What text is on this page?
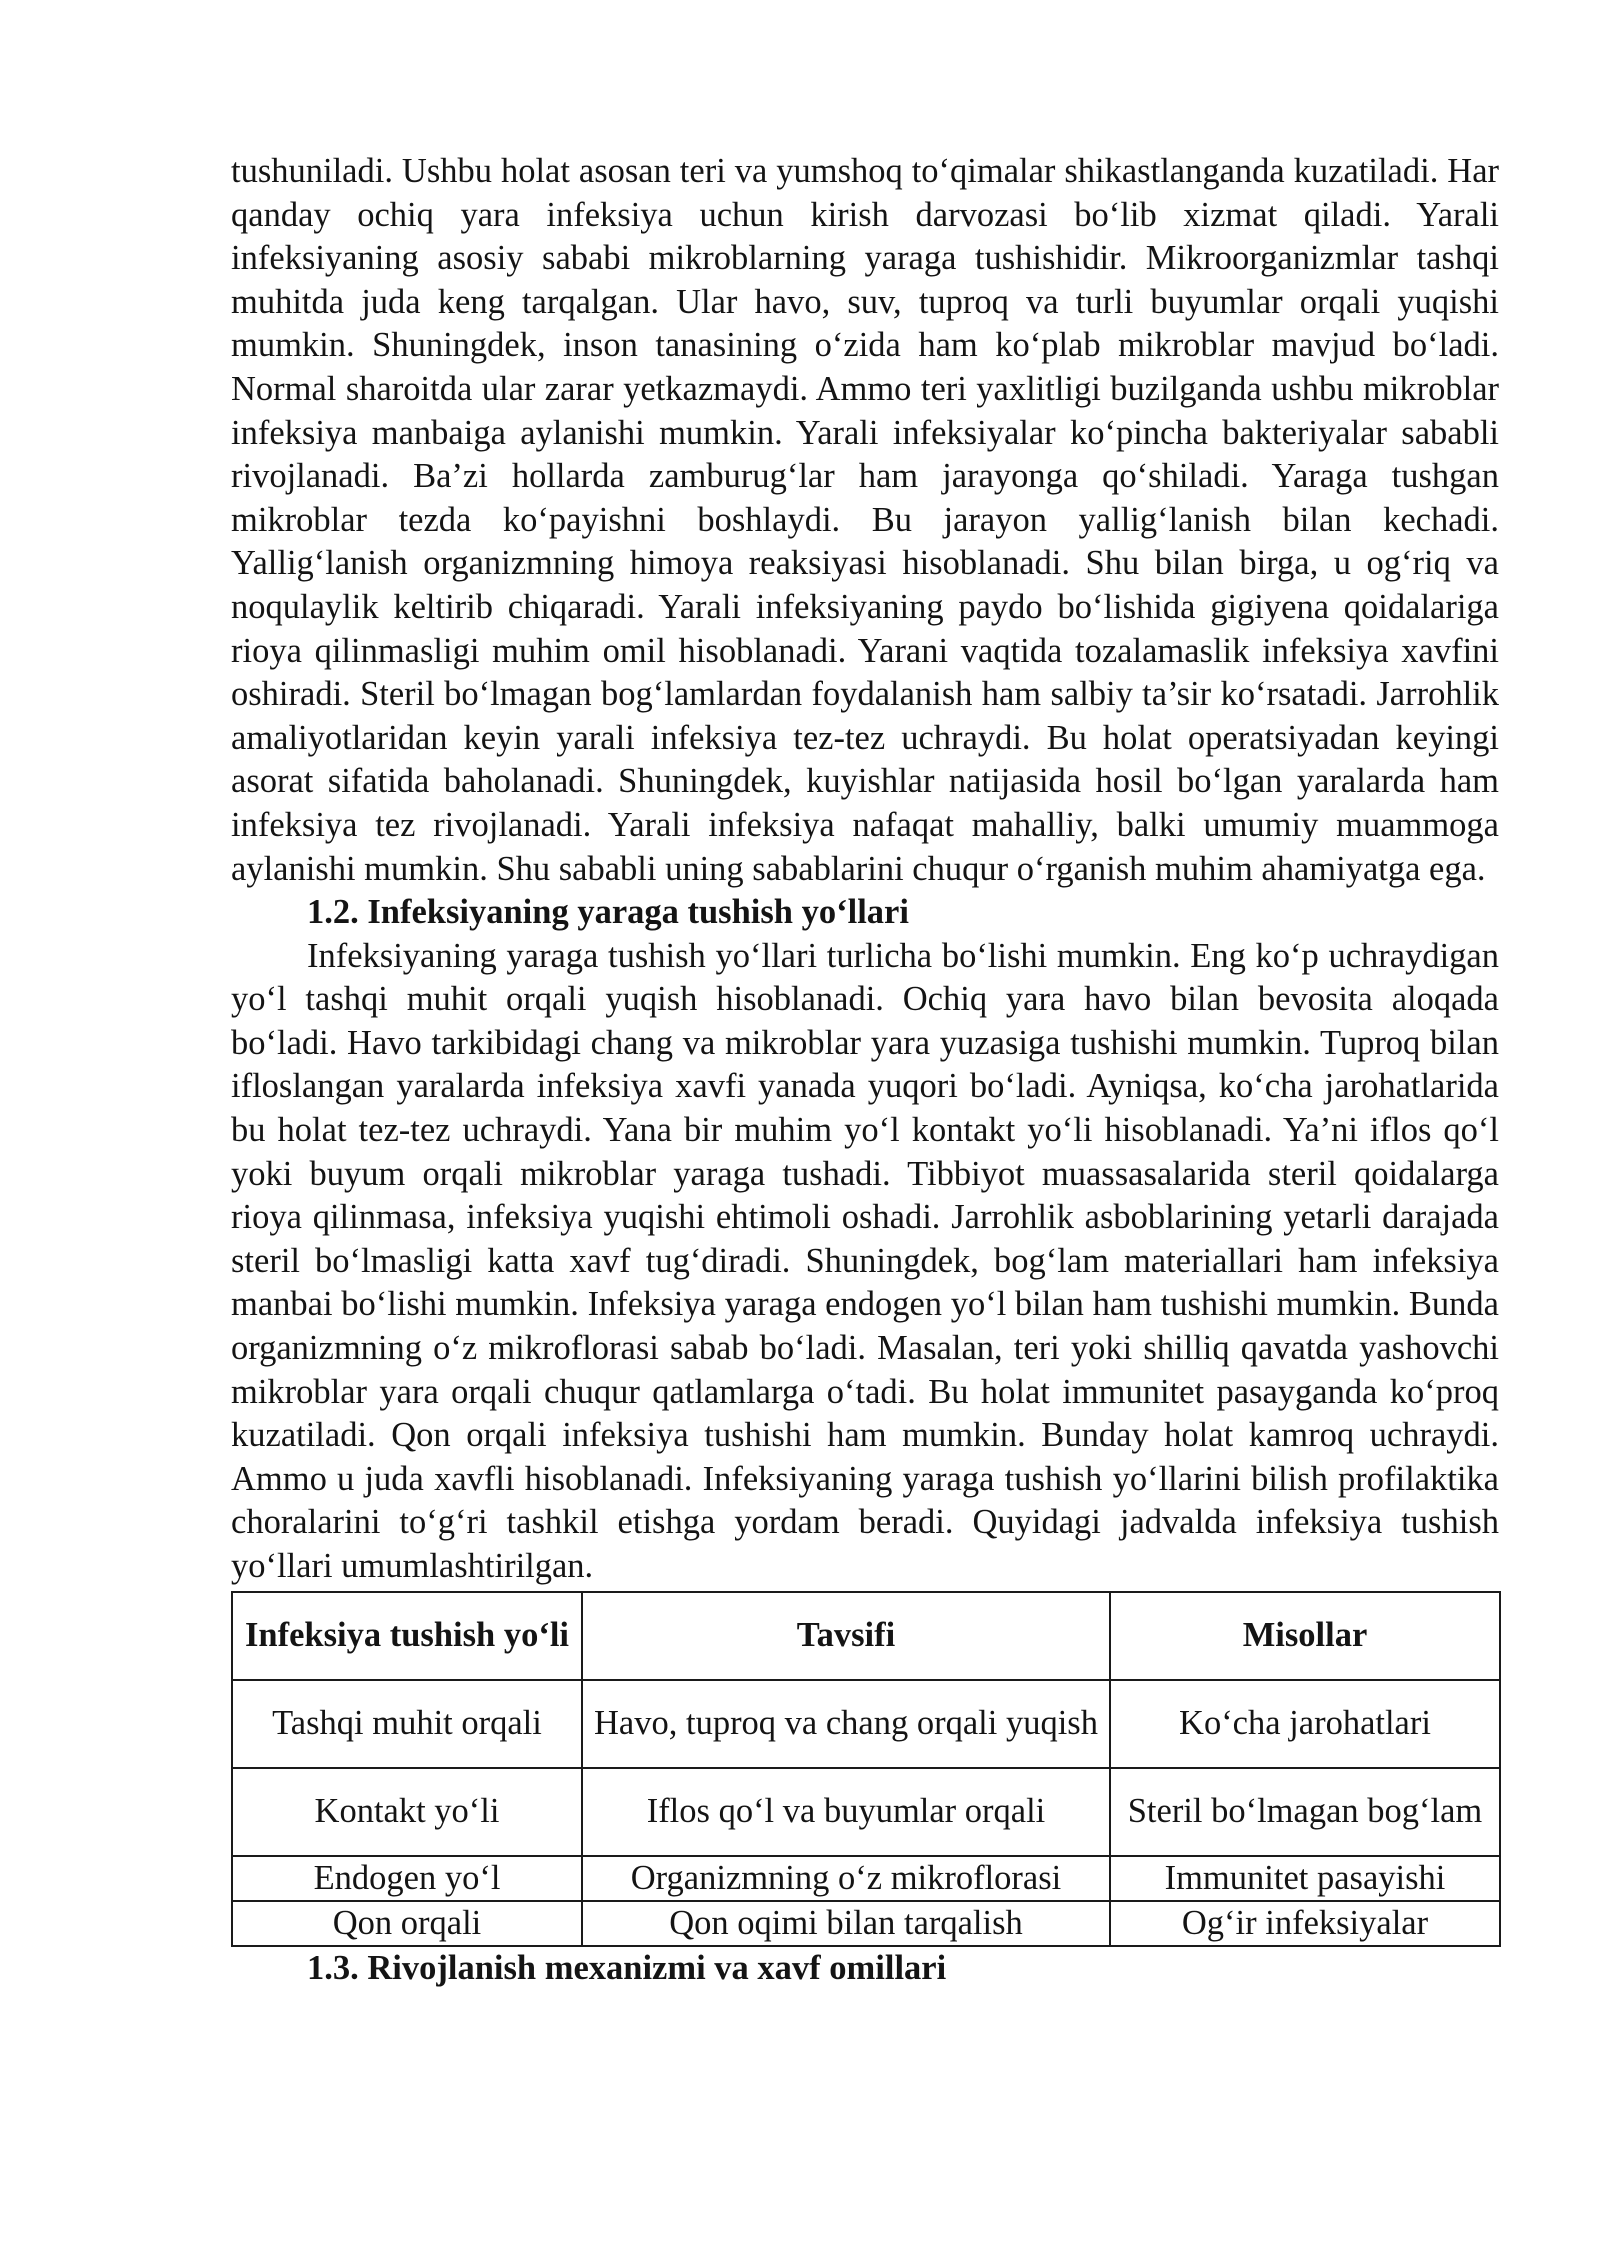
tushuniladi. Ushbu holat asosan teri va yumshoq to‘qimalar shikastlanganda kuzatiladi. Har qanday ochiq yara infeksiya uchun kirish darvozasi bo‘lib xizmat qiladi. Yarali infeksiyaning asosiy sababi mikroblarning yaraga tushishidir. Mikroorganizmlar tashqi muhitda juda keng tarqalgan. Ular havo, suv, tuproq va turli buyumlar orqali yuqishi mumkin. Shuningdek, inson tanasining o‘zida ham ko‘plab mikroblar mavjud bo‘ladi. Normal sharoitda ular zarar yetkazmaydi. Ammo teri yaxlitligi buzilganda ushbu mikroblar infeksiya manbaiga aylanishi mumkin. Yarali infeksiyalar ko‘pincha bakteriyalar sababli rivojlanadi. Ba’zi hollarda zamburug‘lar ham jarayonga qo‘shiladi. Yaraga tushgan mikroblar tezda ko‘payishni boshlaydi. Bu jarayon yallig‘lanish bilan kechadi. Yallig‘lanish organizmning himoya reaksiyasi hisoblanadi. Shu bilan birga, u og‘riq va noqulaylik keltirib chiqaradi. Yarali infeksiyaning paydo bo‘lishida gigiyena qoidalariga rioya qilinmasligi muhim omil hisoblanadi. Yarani vaqtida tozalamaslik infeksiya xavfini oshiradi. Steril bo‘lmagan bog‘lamlardan foydalanish ham salbiy ta’sir ko‘rsatadi. Jarrohlik amaliyotlaridan keyin yarali infeksiya tez-tez uchraydi. Bu holat operatsiyadan keyingi asorat sifatida baholanadi. Shuningdek, kuyishlar natijasida hosil bo‘lgan yaralarda ham infeksiya tez rivojlanadi. Yarali infeksiya nafaqat mahalliy, balki umumiy muammoga aylanishi mumkin. Shu sababli uning sabablarini chuqur o‘rganish muhim ahamiyatga ega.

1.2. Infeksiyaning yaraga tushish yo‘llari

Infeksiyaning yaraga tushish yo‘llari turlicha bo‘lishi mumkin. Eng ko‘p uchraydigan yo‘l tashqi muhit orqali yuqish hisoblanadi. Ochiq yara havo bilan bevosita aloqada bo‘ladi. Havo tarkibidagi chang va mikroblar yara yuzasiga tushishi mumkin. Tuproq bilan ifloslangan yaralarda infeksiya xavfi yanada yuqori bo‘ladi. Ayniqsa, ko‘cha jarohatlarida bu holat tez-tez uchraydi. Yana bir muhim yo‘l kontakt yo‘li hisoblanadi. Ya’ni iflos qo‘l yoki buyum orqali mikroblar yaraga tushadi. Tibbiyot muassasalarida steril qoidalarga rioya qilinmasa, infeksiya yuqishi ehtimoli oshadi. Jarrohlik asboblarining yetarli darajada steril bo‘lmasligi katta xavf tug‘diradi. Shuningdek, bog‘lam materiallari ham infeksiya manbai bo‘lishi mumkin. Infeksiya yaraga endogen yo‘l bilan ham tushishi mumkin. Bunda organizmning o‘z mikroflorasi sabab bo‘ladi. Masalan, teri yoki shilliq qavatda yashovchi mikroblar yara orqali chuqur qatlamlarga o‘tadi. Bu holat immunitet pasayganda ko‘proq kuzatiladi. Qon orqali infeksiya tushishi ham mumkin. Bunday holat kamroq uchraydi. Ammo u juda xavfli hisoblanadi. Infeksiyaning yaraga tushish yo‘llarini bilish profilaktika choralarini to‘g‘ri tashkil etishga yordam beradi. Quyidagi jadvalda infeksiya tushish yo‘llari umumlashtirilgan.

Infeksiya tushish yo‘li	Tavsifi	Misollar
Tashqi muhit orqali	Havo, tuproq va chang orqali yuqish	Ko‘cha jarohatlari
Kontakt yo‘li	Iflos qo‘l va buyumlar orqali	Steril bo‘lmagan bog‘lam
Endogen yo‘l	Organizmning o‘z mikroflorasi	Immunitet pasayishi
Qon orqali	Qon oqimi bilan tarqalish	Og‘ir infeksiyalar
1.3. Rivojlanish mexanizmi va xavf omillari
